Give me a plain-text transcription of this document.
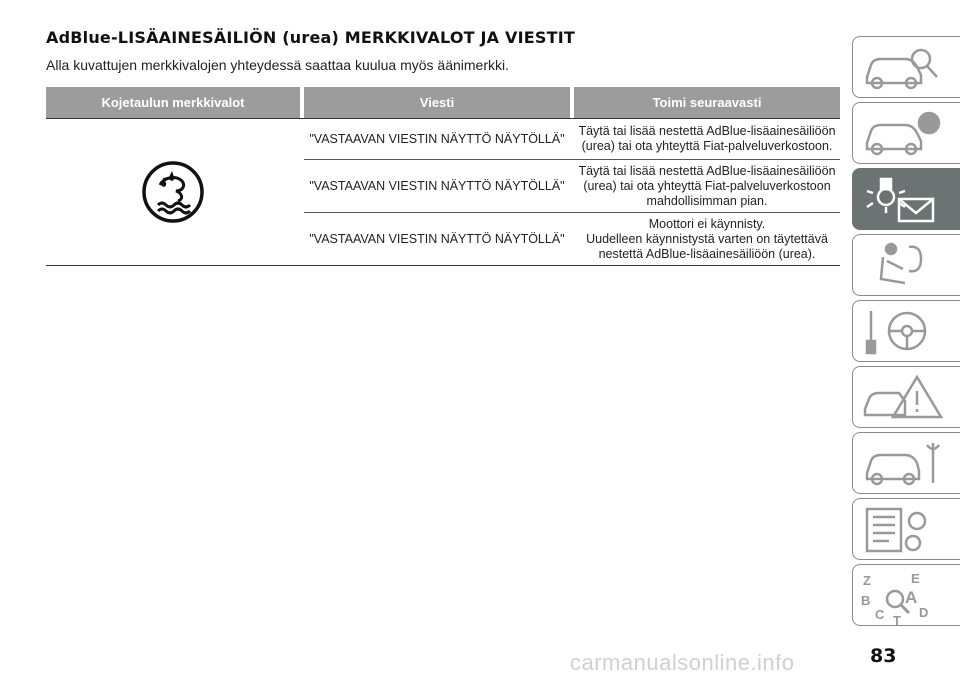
AdBlue-LISÄAINESÄILIÖN (urea) MERKKIVALOT JA VIESTIT
Alla kuvattujen merkkivalojen yhteydessä saattaa kuulua myös äänimerkki.
Kojetaulun merkkivalot	Viesti	Toimi seuraavasti
"VASTAAVAN VIESTIN NÄYTTÖ NÄYTÖLLÄ"
Täytä tai lisää nestettä AdBlue-lisäainesäiliöön
(urea) tai ota yhteyttä Fiat-palveluverkostoon.
"VASTAAVAN VIESTIN NÄYTTÖ NÄYTÖLLÄ"
Täytä tai lisää nestettä AdBlue-lisäainesäiliöön
(urea) tai ota yhteyttä Fiat-palveluverkostoon
mahdollisimman pian.
"VASTAAVAN VIESTIN NÄYTTÖ NÄYTÖLLÄ"
Moottori ei käynnisty.
Uudelleen käynnistystä varten on täytettävä
nestettä AdBlue-lisäainesäiliöön (urea).
Z	E
B A
C	D
T
83
carmanualsonline.info
